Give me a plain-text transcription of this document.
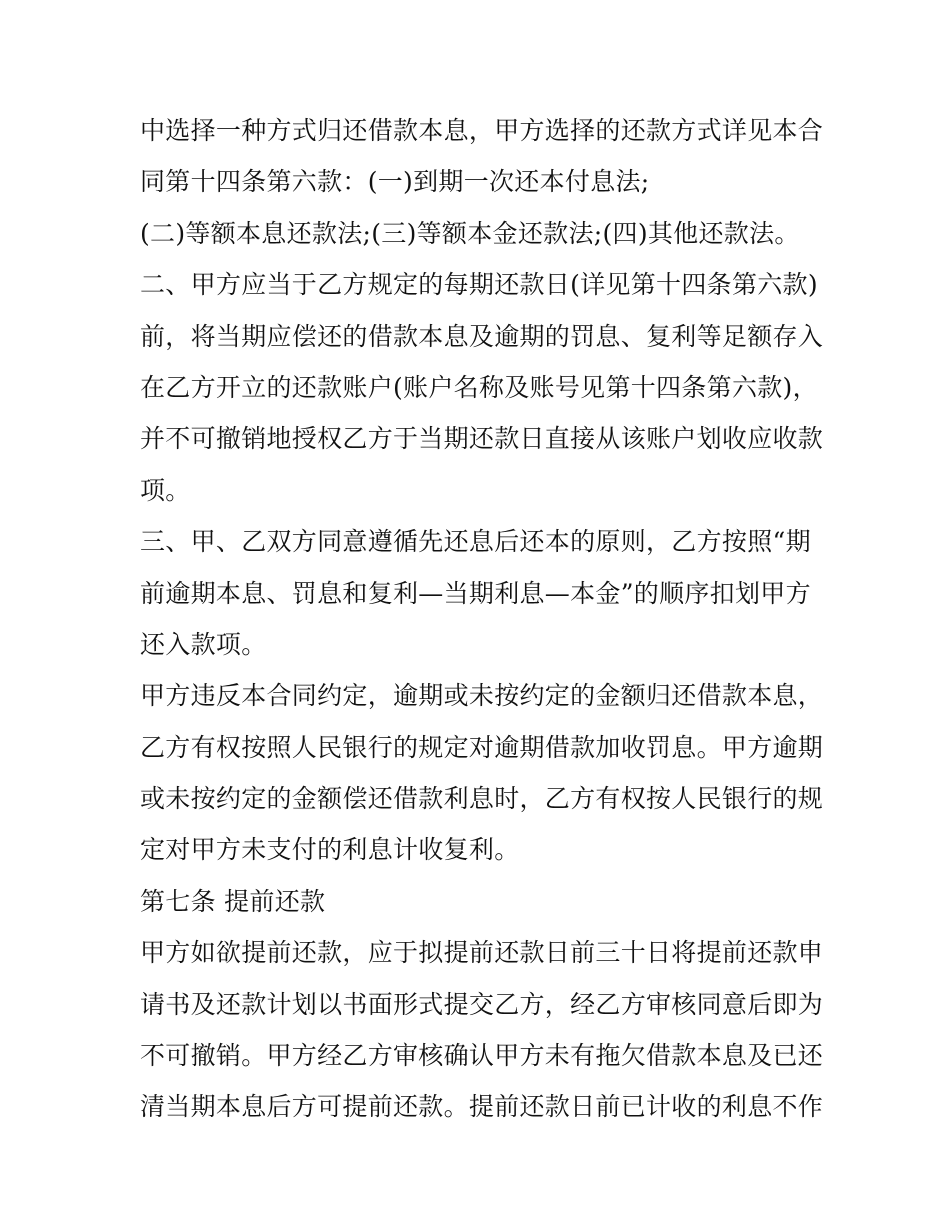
中选择一种方式归还借款本息，甲方选择的还款方式详见本合
同第十四条第六款：(一)到期一次还本付息法;
(二)等额本息还款法;(三)等额本金还款法;(四)其他还款法。
二、甲方应当于乙方规定的每期还款日(详见第十四条第六款)
前，将当期应偿还的借款本息及逾期的罚息、复利等足额存入
在乙方开立的还款账户(账户名称及账号见第十四条第六款)，
并不可撤销地授权乙方于当期还款日直接从该账户划收应收款
项。
三、甲、乙双方同意遵循先还息后还本的原则，乙方按照“期
前逾期本息、罚息和复利—当期利息—本金”的顺序扣划甲方
还入款项。
甲方违反本合同约定，逾期或未按约定的金额归还借款本息，
乙方有权按照人民银行的规定对逾期借款加收罚息。甲方逾期
或未按约定的金额偿还借款利息时，乙方有权按人民银行的规
定对甲方未支付的利息计收复利。
第七条 提前还款
甲方如欲提前还款，应于拟提前还款日前三十日将提前还款申
请书及还款计划以书面形式提交乙方，经乙方审核同意后即为
不可撤销。甲方经乙方审核确认甲方未有拖欠借款本息及已还
清当期本息后方可提前还款。提前还款日前已计收的利息不作
